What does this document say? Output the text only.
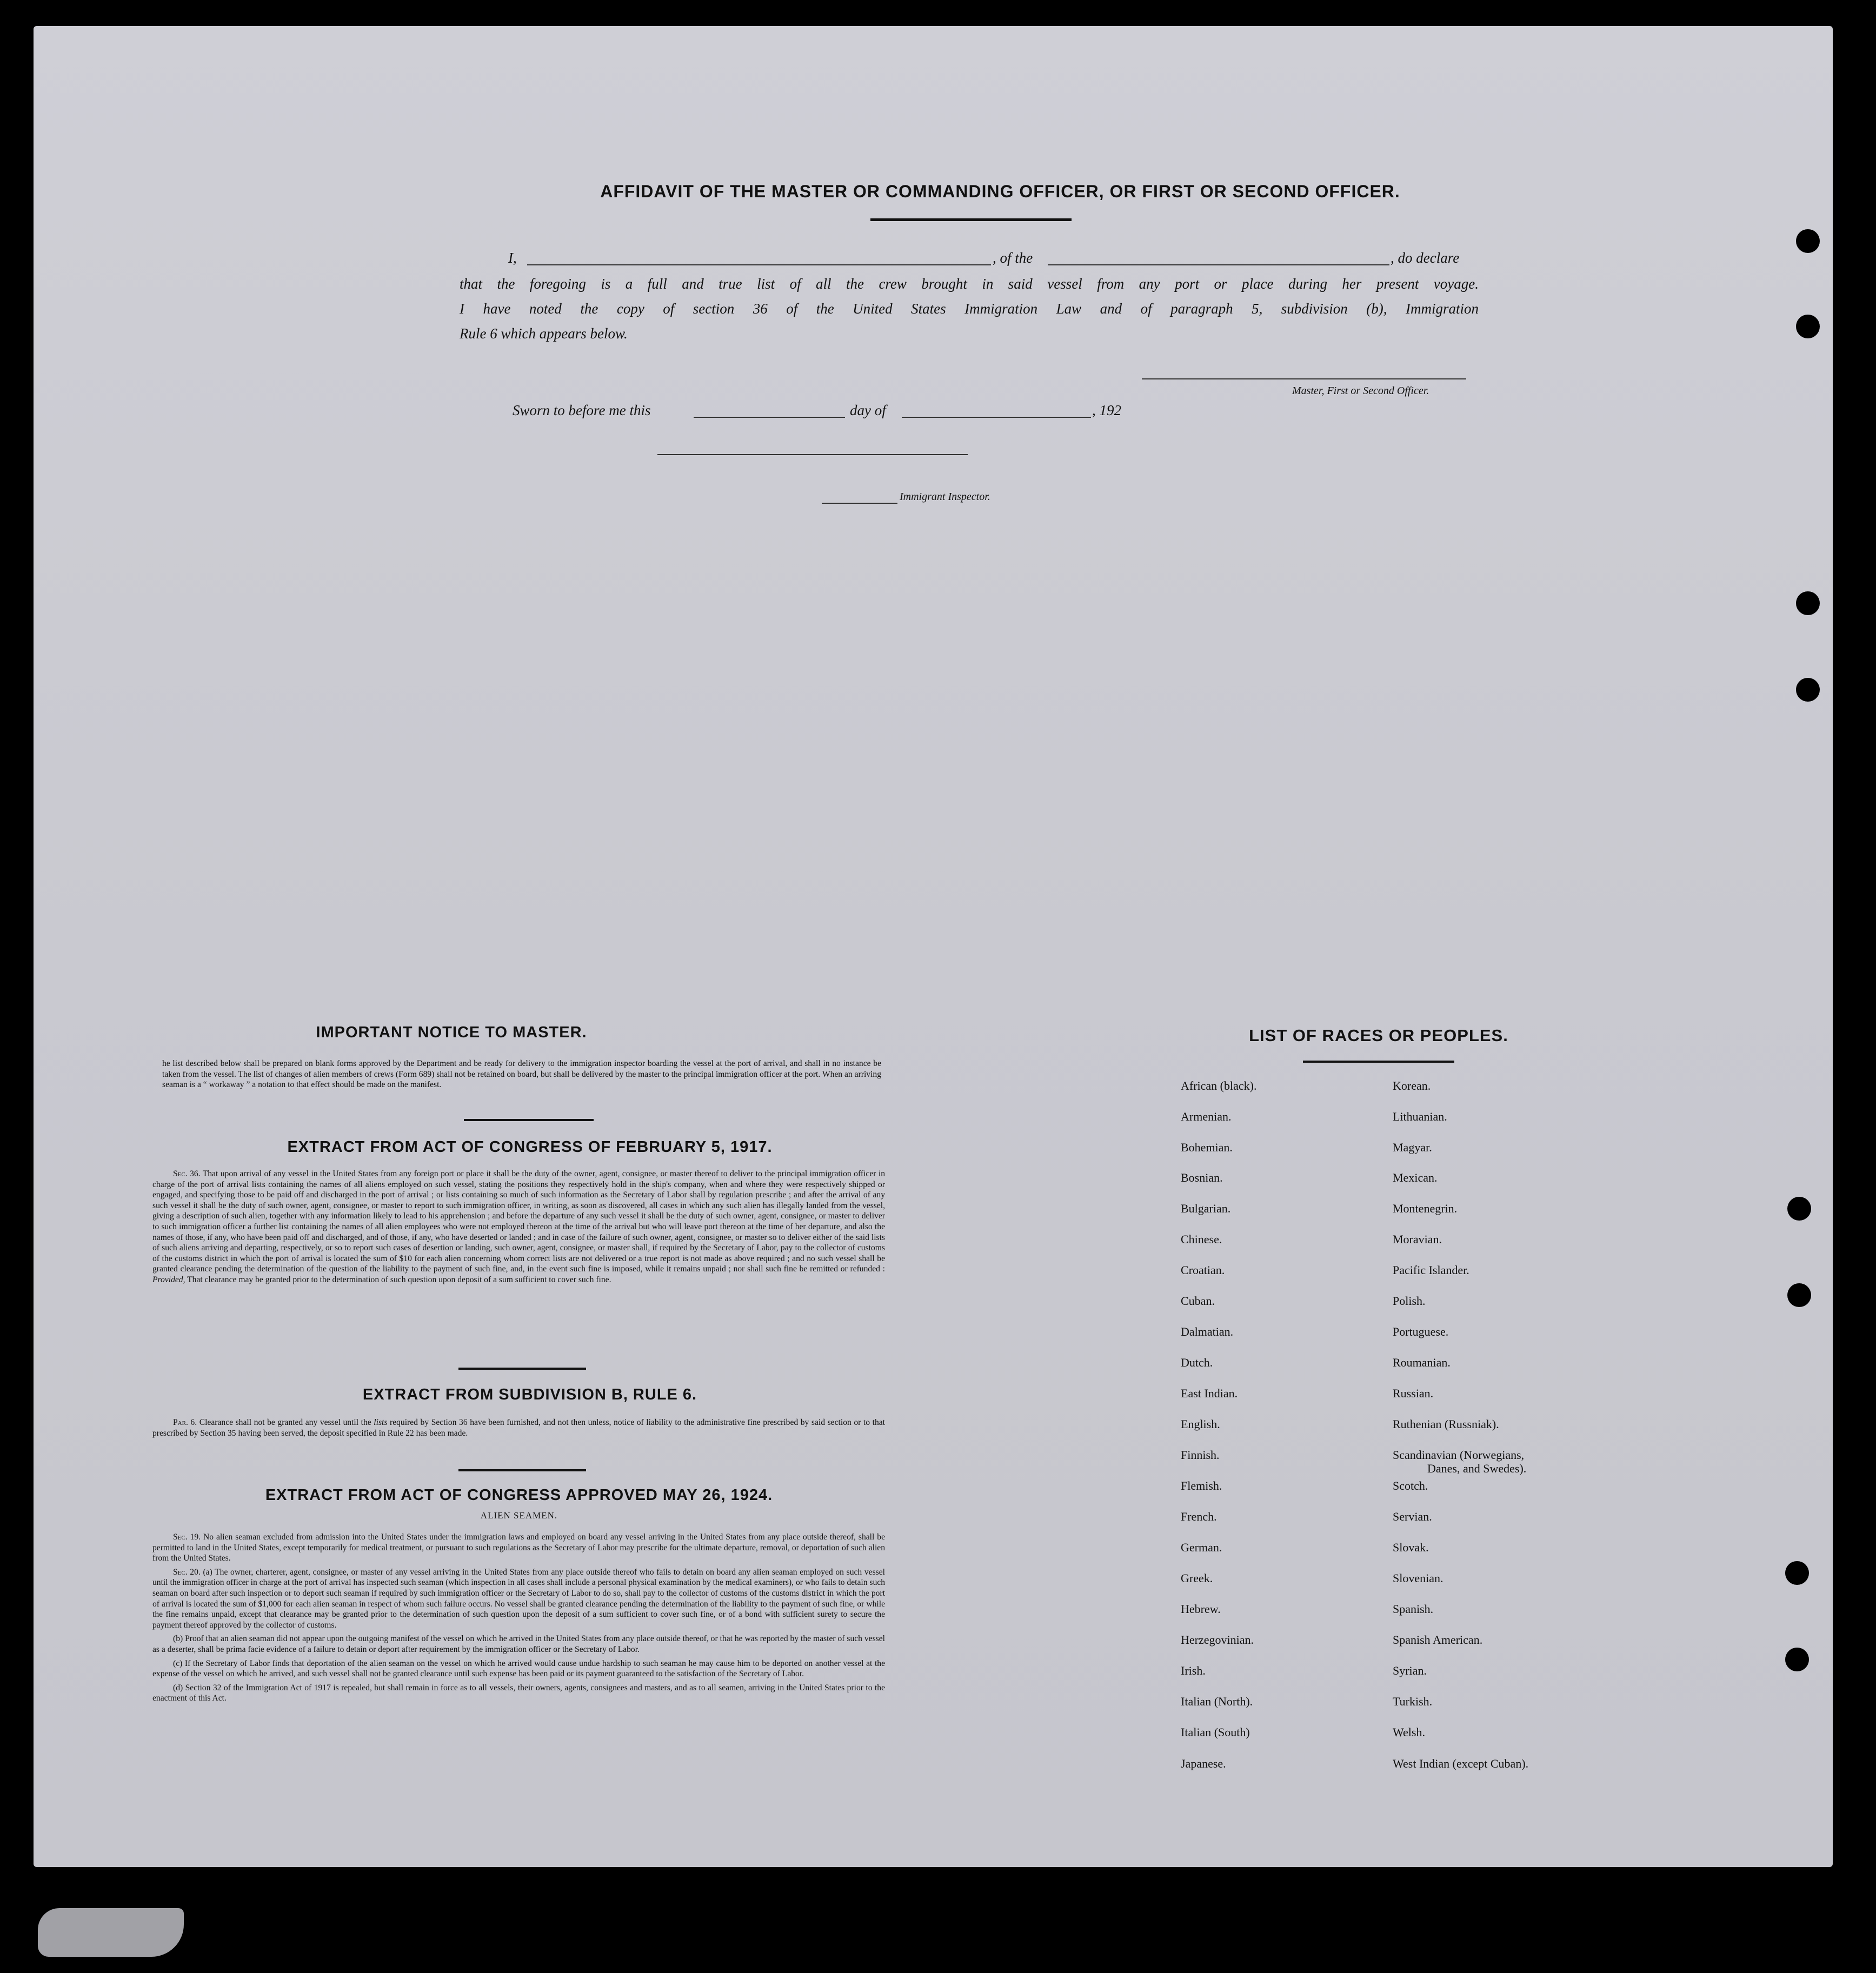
AFFIDAVIT OF THE MASTER OR COMMANDING OFFICER, OR FIRST OR SECOND OFFICER.
I,	, of the	, do declare
that the foregoing is a full and true list of all the crew brought in said vessel from any port or place during her present voyage.
I have noted the copy of section 36 of the United States Immigration Law and of paragraph 5, subdivision (b), Immigration
Rule 6 which appears below.
Master, First or Second Officer.
Sworn to before me this	day of	, 192
Immigrant Inspector.
IMPORTANT NOTICE TO MASTER.

he list described below shall be prepared on blank forms approved by the Department and be ready for delivery to the immigration inspector boarding the vessel at the port of arrival, and shall in no instance be taken from the vessel. The list of changes of alien members of crews (Form 689) shall not be retained on board, but shall be delivered by the master to the principal immigration officer at the port. When an arriving seaman is a “ workaway ” a notation to that effect should be made on the manifest.

EXTRACT FROM ACT OF CONGRESS OF FEBRUARY 5, 1917.

Sec. 36. That upon arrival of any vessel in the United States from any foreign port or place it shall be the duty of the owner, agent, consignee, or master thereof to deliver to the principal immigration officer in charge of the port of arrival lists containing the names of all aliens employed on such vessel, stating the positions they respectively hold in the ship's company, when and where they were respectively shipped or engaged, and specifying those to be paid off and discharged in the port of arrival ; or lists containing so much of such information as the Secretary of Labor shall by regulation prescribe ; and after the arrival of any such vessel it shall be the duty of such owner, agent, consignee, or master to report to such immigration officer, in writing, as soon as discovered, all cases in which any such alien has illegally landed from the vessel, giving a description of such alien, together with any information likely to lead to his apprehension ; and before the departure of any such vessel it shall be the duty of such owner, agent, consignee, or master to deliver to such immigration officer a further list containing the names of all alien employees who were not employed thereon at the time of the arrival but who will leave port thereon at the time of her departure, and also the names of those, if any, who have been paid off and discharged, and of those, if any, who have deserted or landed ; and in case of the failure of such owner, agent, consignee, or master so to deliver either of the said lists of such aliens arriving and departing, respectively, or so to report such cases of desertion or landing, such owner, agent, consignee, or master shall, if required by the Secretary of Labor, pay to the collector of customs of the customs district in which the port of arrival is located the sum of $10 for each alien concerning whom correct lists are not delivered or a true report is not made as above required ; and no such vessel shall be granted clearance pending the determination of the question of the liability to the payment of such fine, and, in the event such fine is imposed, while it remains unpaid ; nor shall such fine be remitted or refunded : Provided, That clearance may be granted prior to the determination of such question upon deposit of a sum sufficient to cover such fine.

EXTRACT FROM SUBDIVISION B, RULE 6.

Par. 6. Clearance shall not be granted any vessel until the lists required by Section 36 have been furnished, and not then unless, notice of liability to the administrative fine prescribed by said section or to that prescribed by Section 35 having been served, the deposit specified in Rule 22 has been made.

EXTRACT FROM ACT OF CONGRESS APPROVED MAY 26, 1924.
ALIEN SEAMEN.

Sec. 19. No alien seaman excluded from admission into the United States under the immigration laws and employed on board any vessel arriving in the United States from any place outside thereof, shall be permitted to land in the United States, except temporarily for medical treatment, or pursuant to such regulations as the Secretary of Labor may prescribe for the ultimate departure, removal, or deportation of such alien from the United States.

Sec. 20. (a) The owner, charterer, agent, consignee, or master of any vessel arriving in the United States from any place outside thereof who fails to detain on board any alien seaman employed on such vessel until the immigration officer in charge at the port of arrival has inspected such seaman (which inspection in all cases shall include a personal physical examination by the medical examiners), or who fails to detain such seaman on board after such inspection or to deport such seaman if required by such immigration officer or the Secretary of Labor to do so, shall pay to the collector of customs of the customs district in which the port of arrival is located the sum of $1,000 for each alien seaman in respect of whom such failure occurs. No vessel shall be granted clearance pending the determination of the liability to the payment of such fine, or while the fine remains unpaid, except that clearance may be granted prior to the determination of such question upon the deposit of a sum sufficient to cover such fine, or of a bond with sufficient surety to secure the payment thereof approved by the collector of customs.

(b) Proof that an alien seaman did not appear upon the outgoing manifest of the vessel on which he arrived in the United States from any place outside thereof, or that he was reported by the master of such vessel as a deserter, shall be prima facie evidence of a failure to detain or deport after requirement by the immigration officer or the Secretary of Labor.

(c) If the Secretary of Labor finds that deportation of the alien seaman on the vessel on which he arrived would cause undue hardship to such seaman he may cause him to be deported on another vessel at the expense of the vessel on which he arrived, and such vessel shall not be granted clearance until such expense has been paid or its payment guaranteed to the satisfaction of the Secretary of Labor.

(d) Section 32 of the Immigration Act of 1917 is repealed, but shall remain in force as to all vessels, their owners, agents, consignees and masters, and as to all seamen, arriving in the United States prior to the enactment of this Act.

LIST OF RACES OR PEOPLES.
African (black).
Armenian.
Bohemian.
Bosnian.
Bulgarian.
Chinese.
Croatian.
Cuban.
Dalmatian.
Dutch.
East Indian.
English.
Finnish.
Flemish.
French.
German.
Greek.
Hebrew.
Herzegovinian.
Irish.
Italian (North).
Italian (South)
Japanese.
Korean.
Lithuanian.
Magyar.
Mexican.
Montenegrin.
Moravian.
Pacific Islander.
Polish.
Portuguese.
Roumanian.
Russian.
Ruthenian (Russniak).
Scandinavian (Norwegians,
Scotch.
Servian.
Slovak.
Slovenian.
Spanish.
Spanish American.
Syrian.
Turkish.
Welsh.
West Indian (except Cuban).
Danes, and Swedes).
